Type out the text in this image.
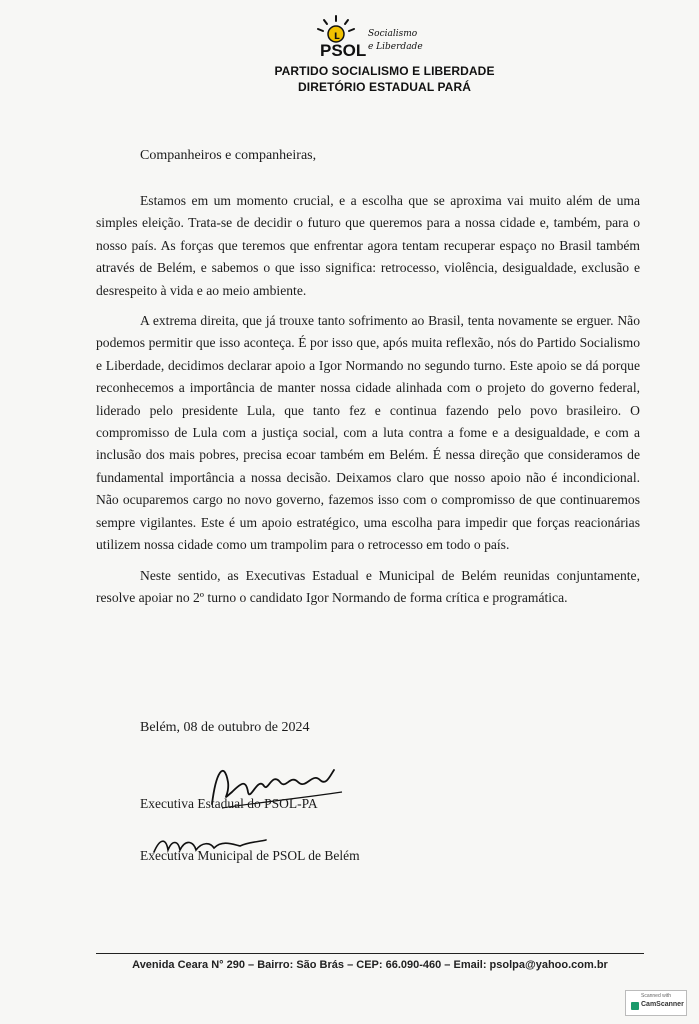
L
PSOL
Socialismo
e Liberdade
PARTIDO SOCIALISMO E LIBERDADE
DIRETÓRIO ESTADUAL PARÁ
Companheiros e companheiras,

Estamos em um momento crucial, e a escolha que se aproxima vai muito além de uma simples eleição. Trata-se de decidir o futuro que queremos para a nossa cidade e, também, para o nosso país. As forças que teremos que enfrentar agora tentam recuperar espaço no Brasil também através de Belém, e sabemos o que isso significa: retrocesso, violência, desigualdade, exclusão e desrespeito à vida e ao meio ambiente.

A extrema direita, que já trouxe tanto sofrimento ao Brasil, tenta novamente se erguer. Não podemos permitir que isso aconteça. É por isso que, após muita reflexão, nós do Partido Socialismo e Liberdade, decidimos declarar apoio a Igor Normando no segundo turno. Este apoio se dá porque reconhecemos a importância de manter nossa cidade alinhada com o projeto do governo federal, liderado pelo presidente Lula, que tanto fez e continua fazendo pelo povo brasileiro. O compromisso de Lula com a justiça social, com a luta contra a fome e a desigualdade, e com a inclusão dos mais pobres, precisa ecoar também em Belém. É nessa direção que consideramos de fundamental importância a nossa decisão. Deixamos claro que nosso apoio não é incondicional. Não ocuparemos cargo no novo governo, fazemos isso com o compromisso de que continuaremos sempre vigilantes. Este é um apoio estratégico, uma escolha para impedir que forças reacionárias utilizem nossa cidade como um trampolim para o retrocesso em todo o país.

Neste sentido, as Executivas Estadual e Municipal de Belém reunidas conjuntamente, resolve apoiar no 2º turno o candidato Igor Normando de forma crítica e programática.

Belém, 08 de outubro de 2024
Executiva Estadual do PSOL-PA
Executiva Municipal de PSOL de Belém
Avenida Ceara N° 290 – Bairro: São Brás – CEP: 66.090-460 – Email: psolpa@yahoo.com.br
Scanned with
CamScanner
